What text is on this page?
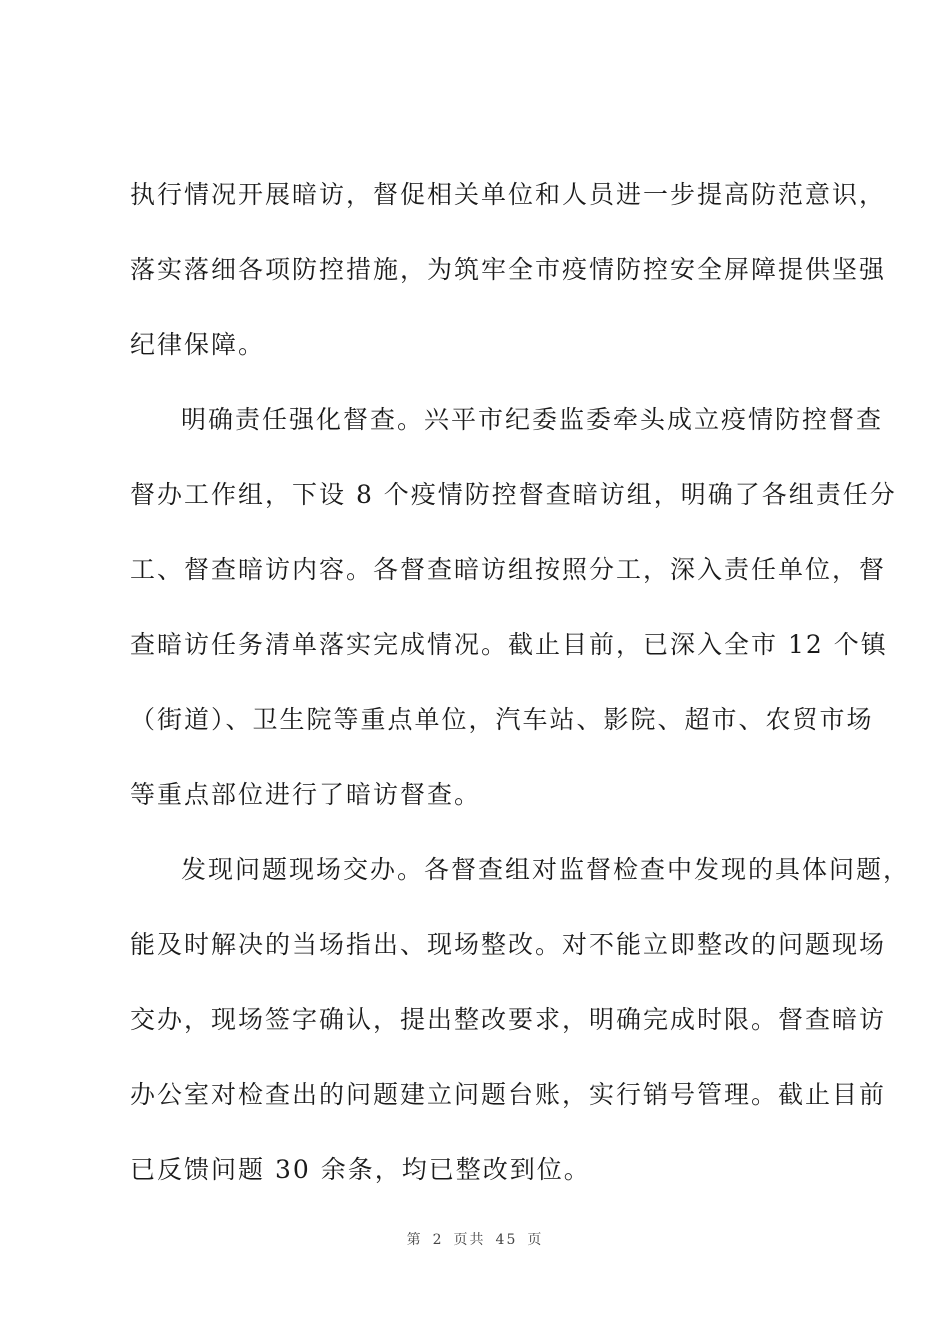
执行情况开展暗访，督促相关单位和人员进一步提高防范意识，
落实落细各项防控措施，为筑牢全市疫情防控安全屏障提供坚强
纪律保障。
明确责任强化督查。兴平市纪委监委牵头成立疫情防控督查
督办工作组，下设 8 个疫情防控督查暗访组，明确了各组责任分
工、督查暗访内容。各督查暗访组按照分工，深入责任单位，督
查暗访任务清单落实完成情况。截止目前，已深入全市 12 个镇
（街道）、卫生院等重点单位，汽车站、影院、超市、农贸市场
等重点部位进行了暗访督查。
发现问题现场交办。各督查组对监督检查中发现的具体问题，
能及时解决的当场指出、现场整改。对不能立即整改的问题现场
交办，现场签字确认，提出整改要求，明确完成时限。督查暗访
办公室对检查出的问题建立问题台账，实行销号管理。截止目前
已反馈问题 30 余条，均已整改到位。
第 2 页共 45 页
